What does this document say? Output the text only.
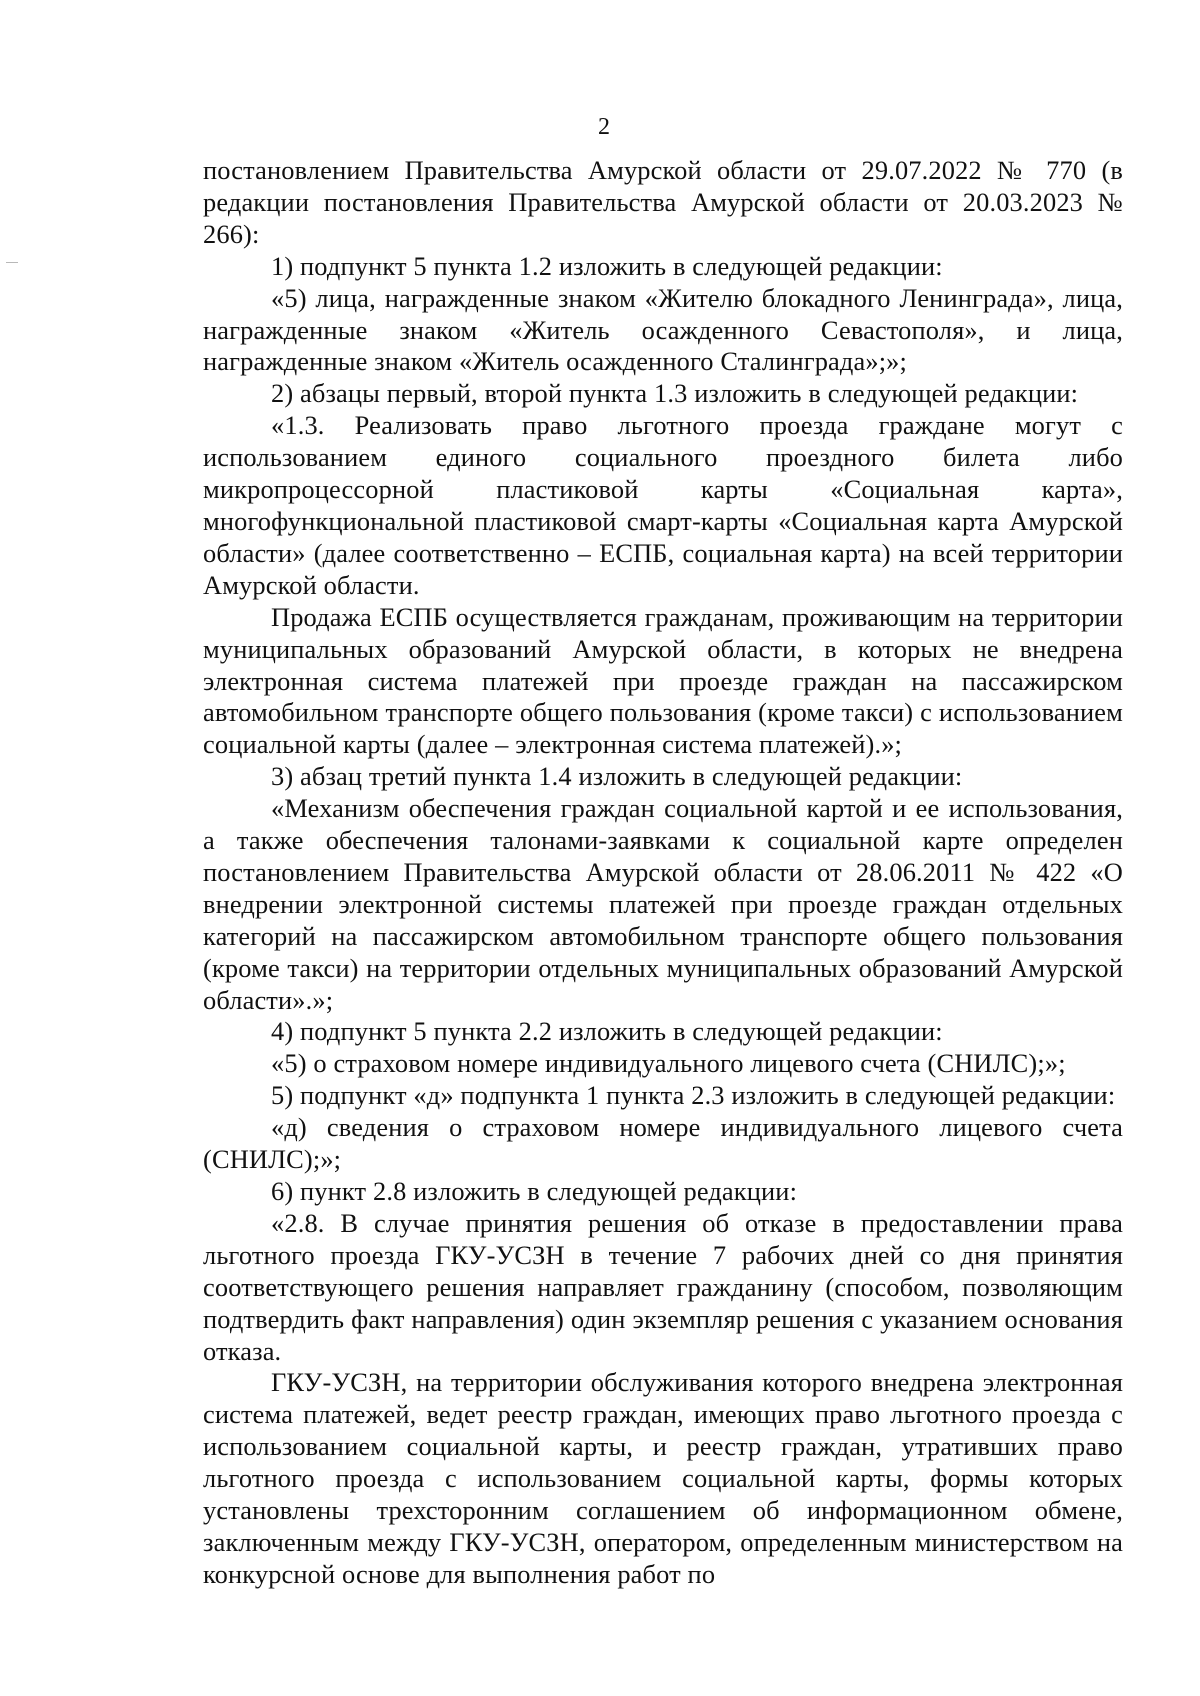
2

постановлением Правительства Амурской области от 29.07.2022 № 770 (в редакции постановления Правительства Амурской области от 20.03.2023 № 266):

1) подпункт 5 пункта 1.2 изложить в следующей редакции:

«5) лица, награжденные знаком «Жителю блокадного Ленинграда», лица, награжденные знаком «Житель осажденного Севастополя», и лица, награжденные знаком «Житель осажденного Сталинграда»;»;

2) абзацы первый, второй пункта 1.3 изложить в следующей редакции:

«1.3. Реализовать право льготного проезда граждане могут с использованием единого социального проездного билета либо микропроцессорной пластиковой карты «Социальная карта», многофункциональной пластиковой смарт-карты «Социальная карта Амурской области» (далее соответственно – ЕСПБ, социальная карта) на всей территории Амурской области.

Продажа ЕСПБ осуществляется гражданам, проживающим на территории муниципальных образований Амурской области, в которых не внедрена электронная система платежей при проезде граждан на пассажирском автомобильном транспорте общего пользования (кроме такси) с использованием социальной карты (далее – электронная система платежей).»;

3) абзац третий пункта 1.4 изложить в следующей редакции:

«Механизм обеспечения граждан социальной картой и ее использования, а также обеспечения талонами-заявками к социальной карте определен постановлением Правительства Амурской области от 28.06.2011 № 422 «О внедрении электронной системы платежей при проезде граждан отдельных категорий на пассажирском автомобильном транспорте общего пользования (кроме такси) на территории отдельных муниципальных образований Амурской области».»;

4) подпункт 5 пункта 2.2 изложить в следующей редакции:

«5) о страховом номере индивидуального лицевого счета (СНИЛС);»;

5) подпункт «д» подпункта 1 пункта 2.3 изложить в следующей редакции:

«д) сведения о страховом номере индивидуального лицевого счета (СНИЛС);»;

6) пункт 2.8 изложить в следующей редакции:

«2.8. В случае принятия решения об отказе в предоставлении права льготного проезда ГКУ-УСЗН в течение 7 рабочих дней со дня принятия соответствующего решения направляет гражданину (способом, позволяющим подтвердить факт направления) один экземпляр решения с указанием основания отказа.

ГКУ-УСЗН, на территории обслуживания которого внедрена электронная система платежей, ведет реестр граждан, имеющих право льготного проезда с использованием социальной карты, и реестр граждан, утративших право льготного проезда с использованием социальной карты, формы которых установлены трехсторонним соглашением об информационном обмене, заключенным между ГКУ-УСЗН, оператором, определенным министерством на конкурсной основе для выполнения работ по
